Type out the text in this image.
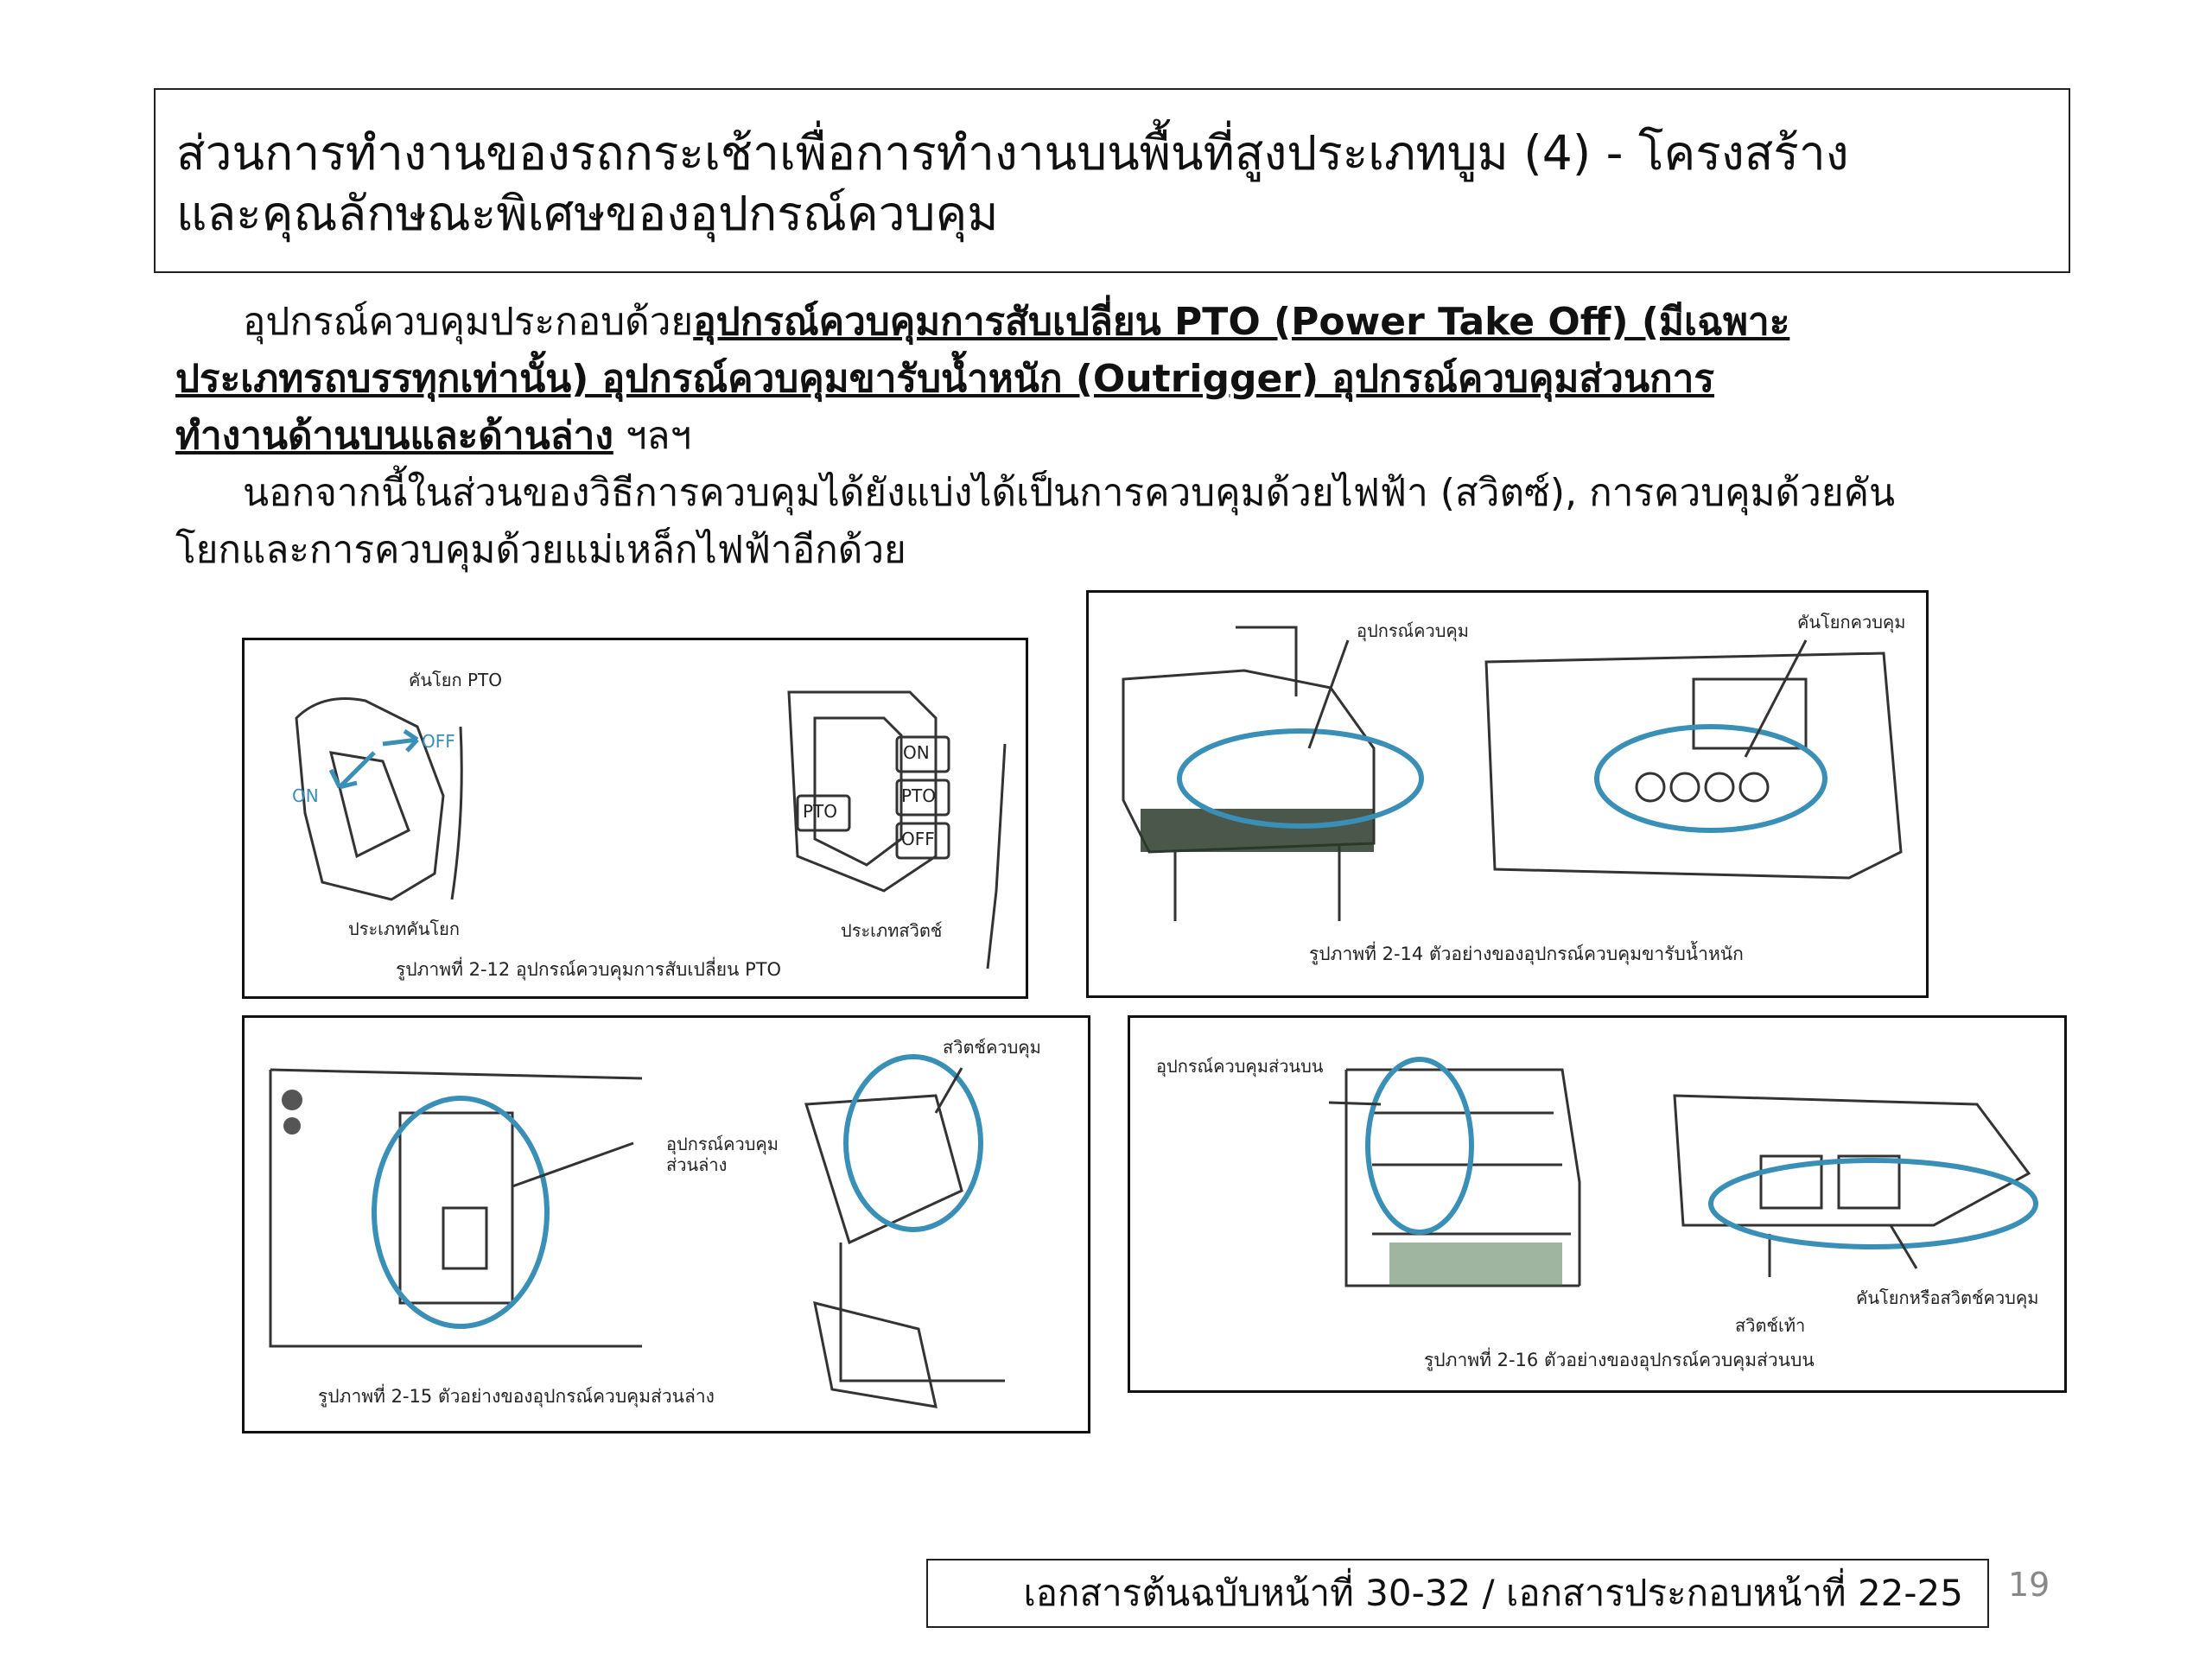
ส่วนการทำงานของรถกระเช้าเพื่อการทำงานบนพื้นที่สูงประเภทบูม (4) - โครงสร้าง
และคุณลักษณะพิเศษของอุปกรณ์ควบคุม

อุปกรณ์ควบคุมประกอบด้วยอุปกรณ์ควบคุมการสับเปลี่ยน PTO (Power Take Off) (มีเฉพาะ
ประเภทรถบรรทุกเท่านั้น) อุปกรณ์ควบคุมขารับน้ำหนัก (Outrigger) อุปกรณ์ควบคุมส่วนการ
ทำงานด้านบนและด้านล่าง ฯลฯ

นอกจากนี้ในส่วนของวิธีการควบคุมได้ยังแบ่งได้เป็นการควบคุมด้วยไฟฟ้า (สวิตซ์), การควบคุมด้วยคัน
โยกและการควบคุมด้วยแม่เหล็กไฟฟ้าอีกด้วย

คันโยก PTO
OFF
ON
ON
PTO
OFF
PTO
ประเภทคันโยก	ประเภทสวิตช์
รูปภาพที่ 2-12 อุปกรณ์ควบคุมการสับเปลี่ยน PTO
อุปกรณ์ควบคุม	คันโยกควบคุม
รูปภาพที่ 2-14 ตัวอย่างของอุปกรณ์ควบคุมขารับน้ำหนัก
สวิตช์ควบคุม
อุปกรณ์ควบคุม
ส่วนล่าง
รูปภาพที่ 2-15 ตัวอย่างของอุปกรณ์ควบคุมส่วนล่าง
อุปกรณ์ควบคุมส่วนบน
คันโยกหรือสวิตช์ควบคุม
สวิตช์เท้า
รูปภาพที่ 2-16 ตัวอย่างของอุปกรณ์ควบคุมส่วนบน
เอกสารต้นฉบับหน้าที่ 30-32 / เอกสารประกอบหน้าที่ 22-25	19
